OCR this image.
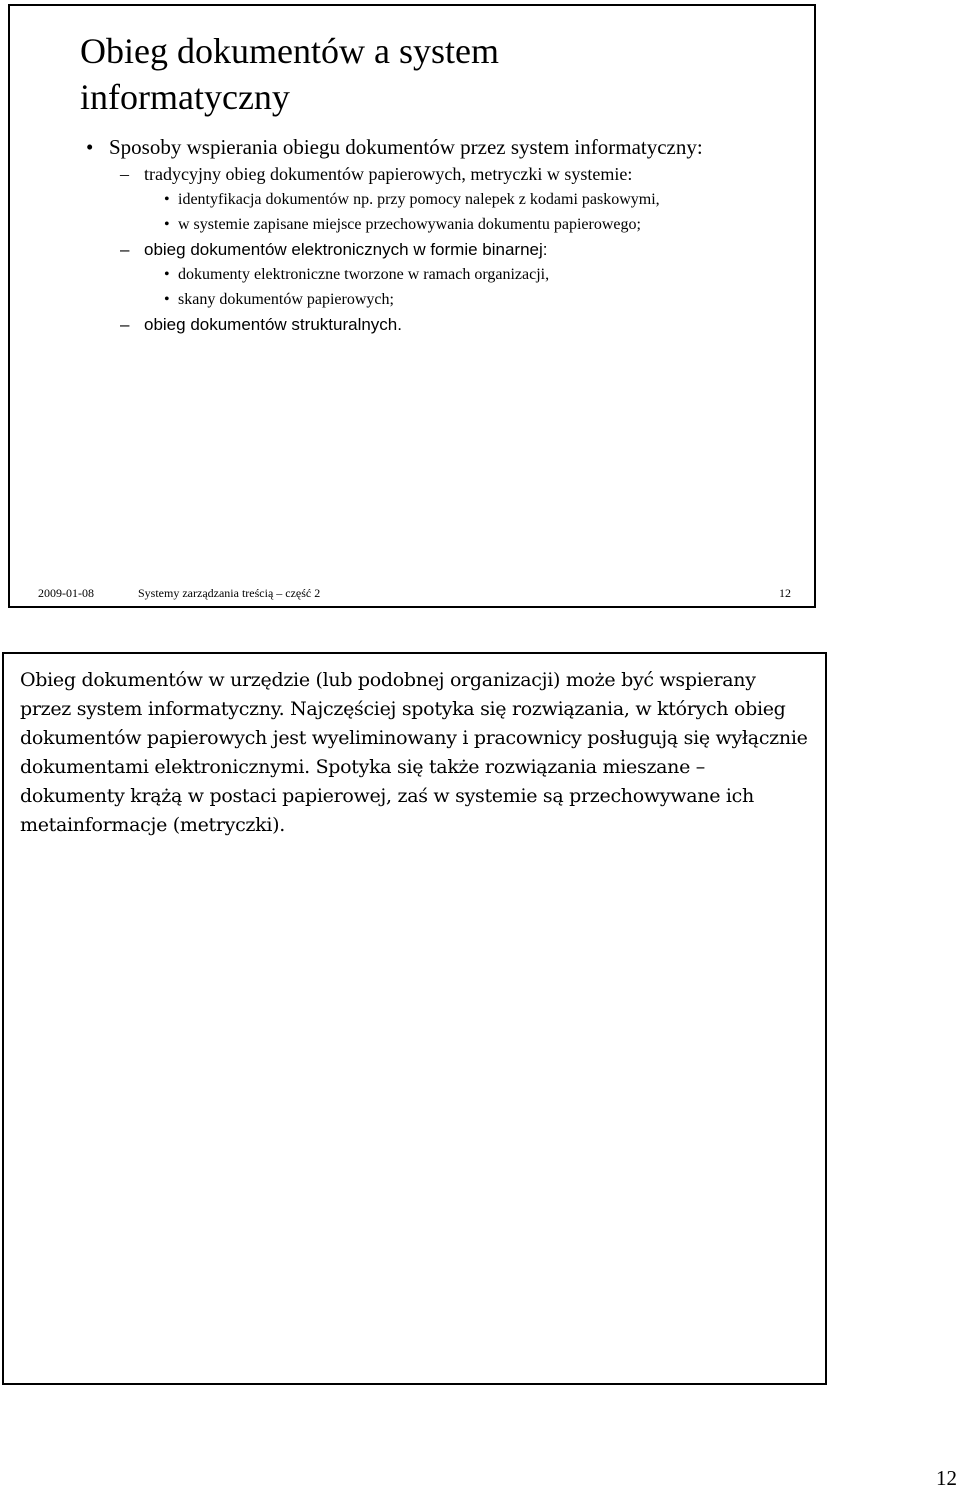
Obieg dokumentów a system
informatyczny
• Sposoby wspierania obiegu dokumentów przez system informatyczny:
– tradycyjny obieg dokumentów papierowych, metryczki w systemie:
• identyfikacja dokumentów np. przy pomocy nalepek z kodami paskowymi,
• w systemie zapisane miejsce przechowywania dokumentu papierowego;
– obieg dokumentów elektronicznych w formie binarnej:
• dokumenty elektroniczne tworzone w ramach organizacji,
• skany dokumentów papierowych;
– obieg dokumentów strukturalnych.
2009-01-08	Systemy zarządzania treścią – część 2	12

Obieg dokumentów w urzędzie (lub podobnej organizacji) może być wspierany przez system informatyczny. Najczęściej spotyka się rozwiązania, w których obieg dokumentów papierowych jest wyeliminowany i pracownicy posługują się wyłącznie dokumentami elektronicznymi. Spotyka się także rozwiązania mieszane – dokumenty krążą w postaci papierowej, zaś w systemie są przechowywane ich metainformacje (metryczki).

12
